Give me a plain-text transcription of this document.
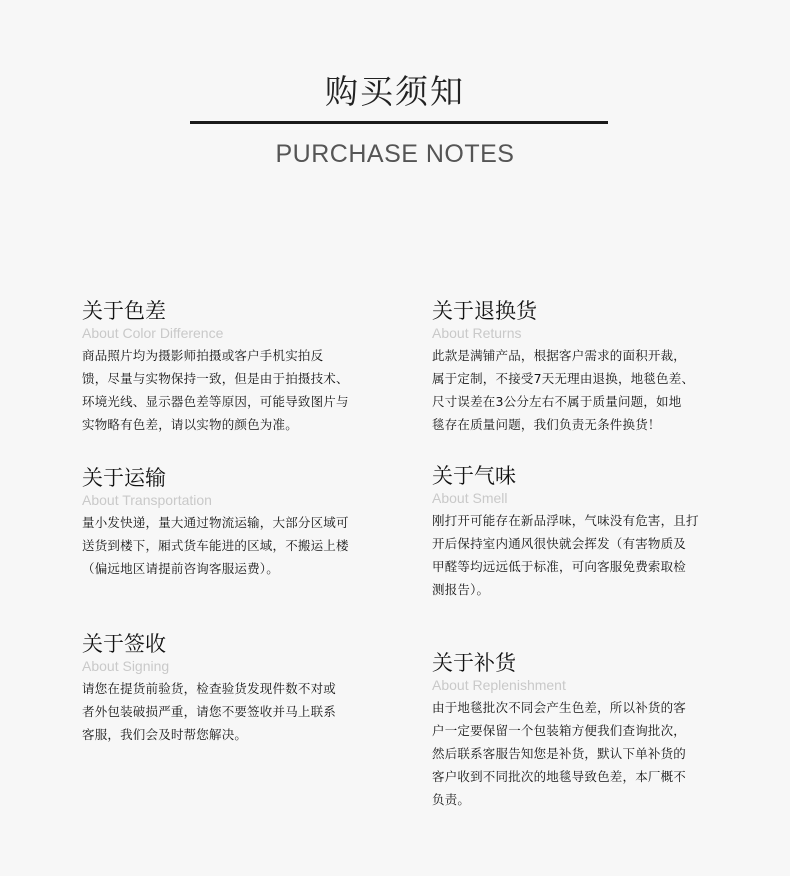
购买须知
PURCHASE NOTES
关于色差
About Color Difference
商品照片均为摄影师拍摄或客户手机实拍反
馈，尽量与实物保持一致，但是由于拍摄技术、
环境光线、显示器色差等原因，可能导致图片与
实物略有色差，请以实物的颜色为准。
关于退换货
About Returns
此款是满铺产品，根据客户需求的面积开裁，
属于定制，不接受7天无理由退换，地毯色差、
尺寸误差在3公分左右不属于质量问题，如地
毯存在质量问题，我们负责无条件换货！
关于运输
About Transportation
量小发快递，量大通过物流运输，大部分区域可
送货到楼下，厢式货车能进的区域，不搬运上楼
（偏远地区请提前咨询客服运费）。
关于气味
About Smell
刚打开可能存在新品浮味，气味没有危害，且打
开后保持室内通风很快就会挥发（有害物质及
甲醛等均远远低于标准，可向客服免费索取检
测报告）。
关于签收
About Signing
请您在提货前验货，检查验货发现件数不对或
者外包装破损严重，请您不要签收并马上联系
客服，我们会及时帮您解决。
关于补货
About Replenishment
由于地毯批次不同会产生色差，所以补货的客
户一定要保留一个包装箱方便我们查询批次，
然后联系客服告知您是补货，默认下单补货的
客户收到不同批次的地毯导致色差，本厂概不
负责。
